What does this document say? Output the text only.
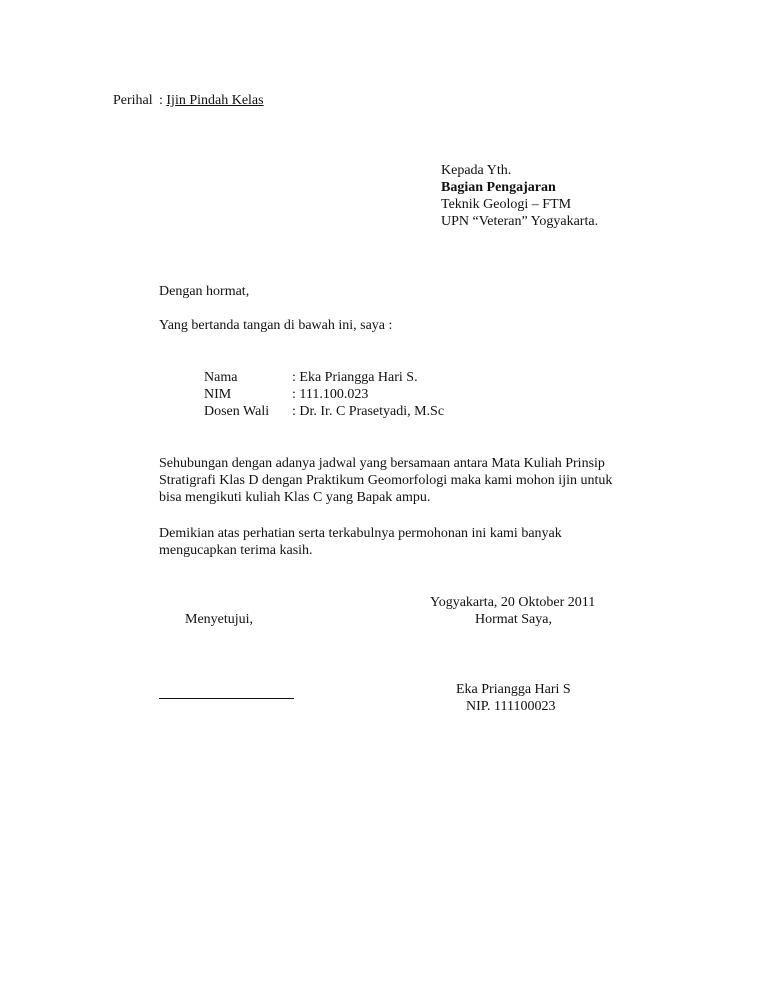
Perihal : Ijin Pindah Kelas
Kepada Yth.
Bagian Pengajaran
Teknik Geologi – FTM
UPN “Veteran” Yogyakarta.
Dengan hormat,
Yang bertanda tangan di bawah ini, saya :
Nama	: Eka Priangga Hari S.
NIM	: 111.100.023
Dosen Wali : Dr. Ir. C Prasetyadi, M.Sc
Sehubungan dengan adanya jadwal yang bersamaan antara Mata Kuliah Prinsip
Stratigrafi Klas D dengan Praktikum Geomorfologi maka kami mohon ijin untuk
bisa mengikuti kuliah Klas C yang Bapak ampu.
Demikian atas perhatian serta terkabulnya permohonan ini kami banyak
mengucapkan terima kasih.
Yogyakarta, 20 Oktober 2011
Menyetujui,	Hormat Saya,
Eka Priangga Hari S
NIP. 111100023
